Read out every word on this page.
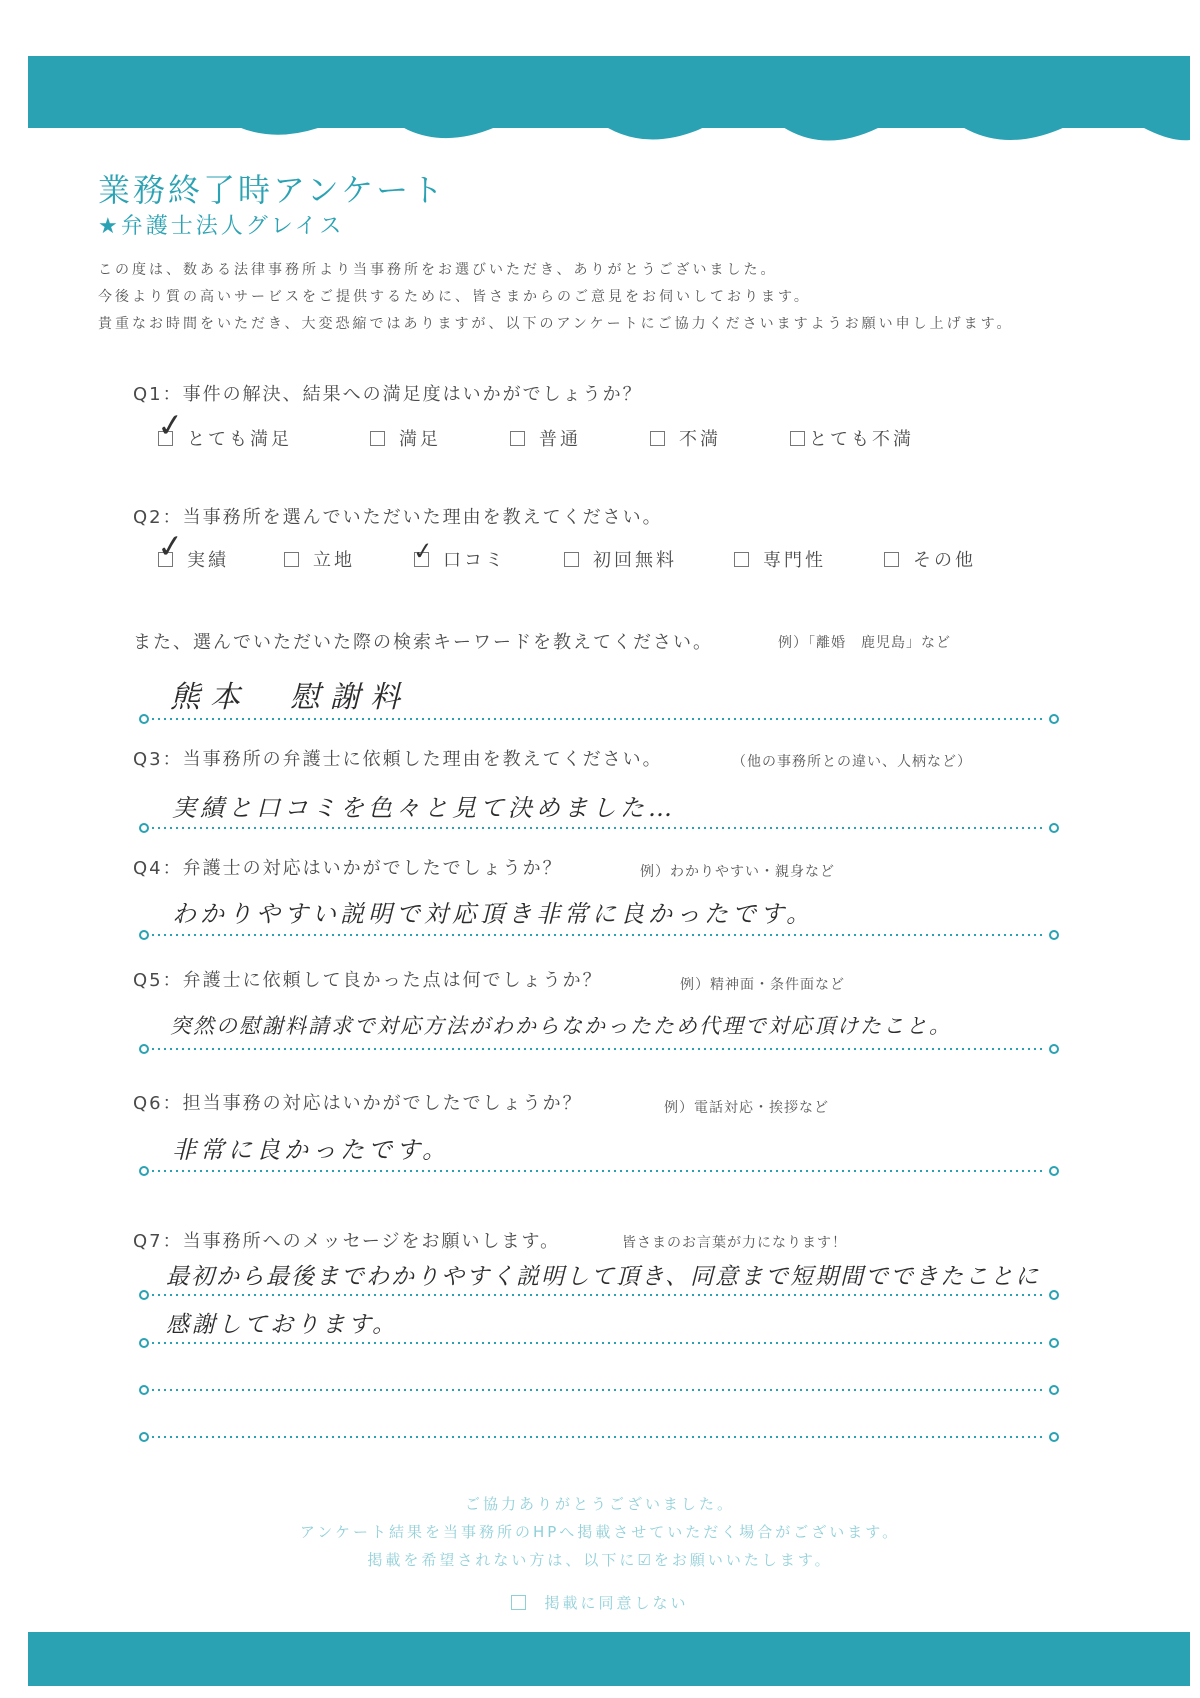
業務終了時アンケート
★弁護士法人グレイス
この度は、数ある法律事務所より当事務所をお選びいただき、ありがとうございました。
今後より質の高いサービスをご提供するために、皆さまからのご意見をお伺いしております。
貴重なお時間をいただき、大変恐縮ではありますが、以下のアンケートにご協力くださいますようお願い申し上げます。
Q1：事件の解決、結果への満足度はいかがでしょうか？
✓
とても満足	満足	普通	不満	とても不満
Q2：当事務所を選んでいただいた理由を教えてください。
✓
実績	立地 ✓ 口コミ	初回無料	専門性	その他
また、選んでいただいた際の検索キーワードを教えてください。	例）「離婚　鹿児島」など
熊本　慰謝料
Q3：当事務所の弁護士に依頼した理由を教えてください。	（他の事務所との違い、人柄など）
実績と口コミを色々と見て決めました…
Q4：弁護士の対応はいかがでしたでしょうか？	例）わかりやすい・親身など
わかりやすい説明で対応頂き非常に良かったです。
Q5：弁護士に依頼して良かった点は何でしょうか？	例）精神面・条件面など
突然の慰謝料請求で対応方法がわからなかったため代理で対応頂けたこと。
Q6：担当事務の対応はいかがでしたでしょうか？	例）電話対応・挨拶など
非常に良かったです。
Q7：当事務所へのメッセージをお願いします。	皆さまのお言葉が力になります！
最初から最後までわかりやすく説明して頂き、同意まで短期間でできたことに
感謝しております。
ご協力ありがとうございました。
アンケート結果を当事務所のHPへ掲載させていただく場合がございます。
掲載を希望されない方は、以下に☑をお願いいたします。
掲載に同意しない
